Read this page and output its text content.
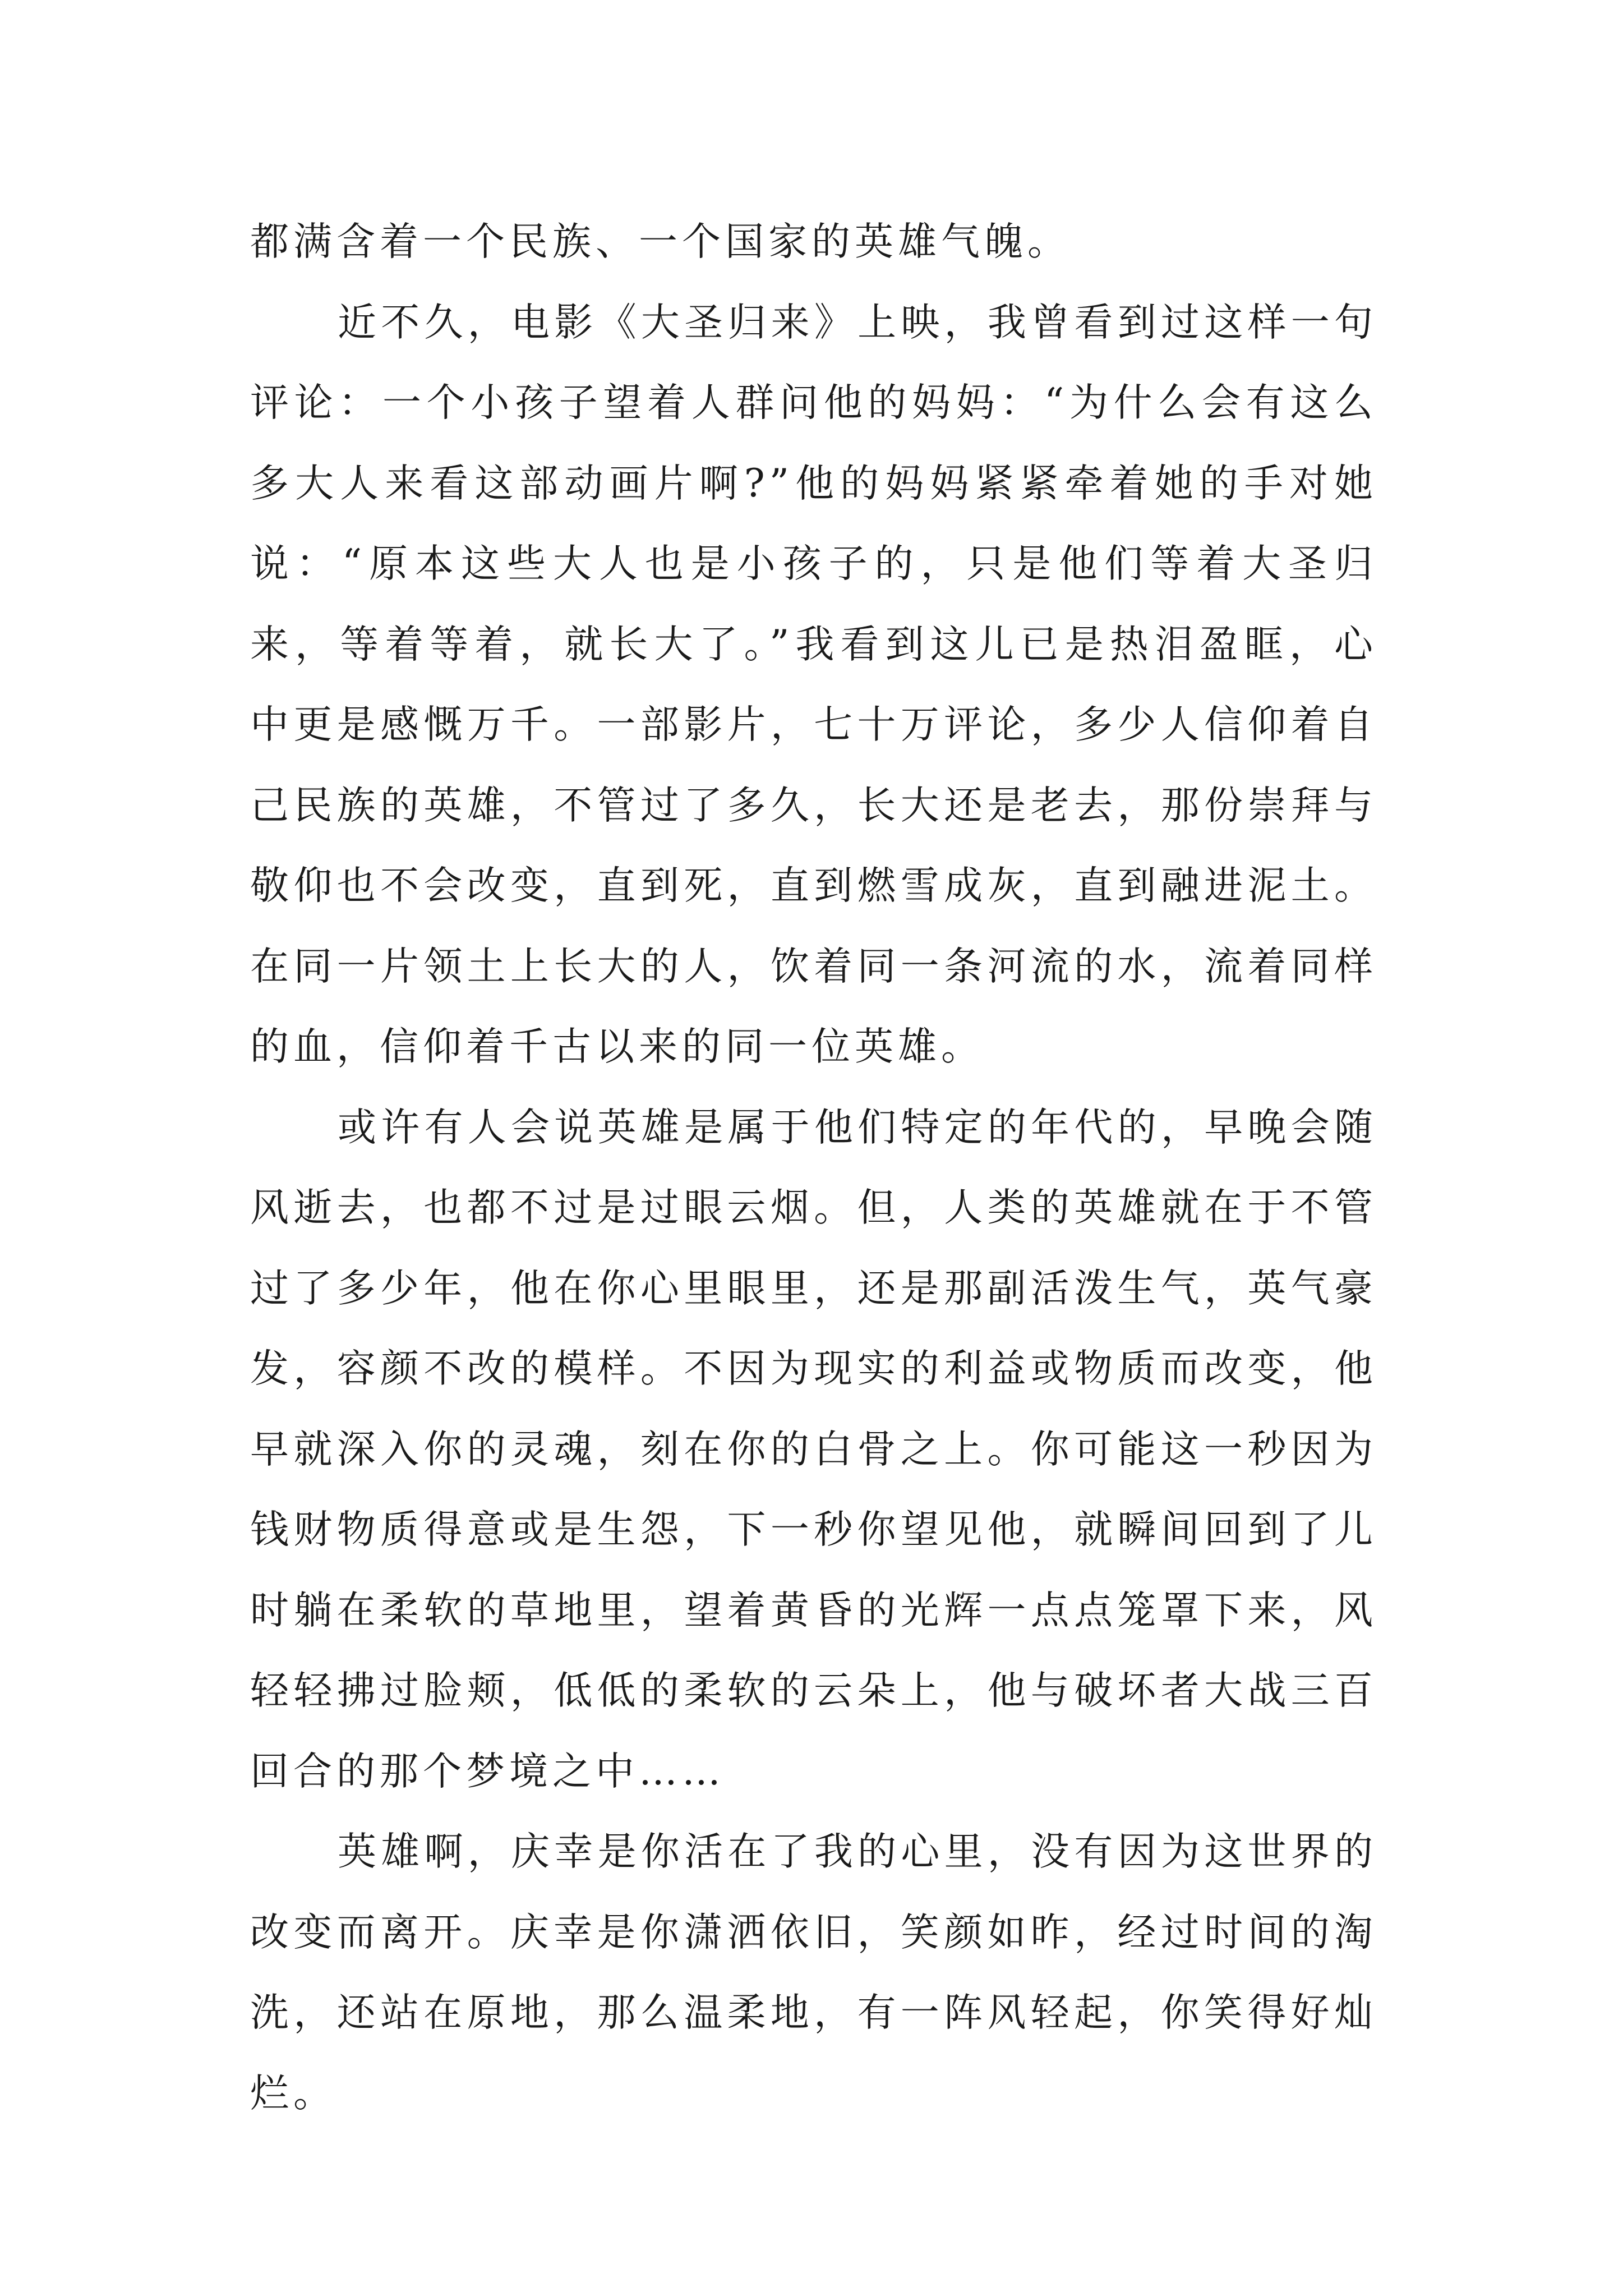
都满含着一个民族、一个国家的英雄气魄。

近不久，电影《大圣归来》上映，我曾看到过这样一句评论：一个小孩子望着人群问他的妈妈：“为什么会有这么多大人来看这部动画片啊?”他的妈妈紧紧牵着她的手对她说：“原本这些大人也是小孩子的，只是他们等着大圣归来，等着等着，就长大了。”我看到这儿已是热泪盈眶，心中更是感慨万千。一部影片，七十万评论，多少人信仰着自己民族的英雄，不管过了多久，长大还是老去，那份崇拜与敬仰也不会改变，直到死，直到燃雪成灰，直到融进泥土。在同一片领土上长大的人，饮着同一条河流的水，流着同样的血，信仰着千古以来的同一位英雄。

或许有人会说英雄是属于他们特定的年代的，早晚会随风逝去，也都不过是过眼云烟。但，人类的英雄就在于不管过了多少年，他在你心里眼里，还是那副活泼生气，英气豪发，容颜不改的模样。不因为现实的利益或物质而改变，他早就深入你的灵魂，刻在你的白骨之上。你可能这一秒因为钱财物质得意或是生怨，下一秒你望见他，就瞬间回到了儿时躺在柔软的草地里，望着黄昏的光辉一点点笼罩下来，风轻轻拂过脸颊，低低的柔软的云朵上，他与破坏者大战三百回合的那个梦境之中……

英雄啊，庆幸是你活在了我的心里，没有因为这世界的改变而离开。庆幸是你潇洒依旧，笑颜如昨，经过时间的淘洗，还站在原地，那么温柔地，有一阵风轻起，你笑得好灿烂。
